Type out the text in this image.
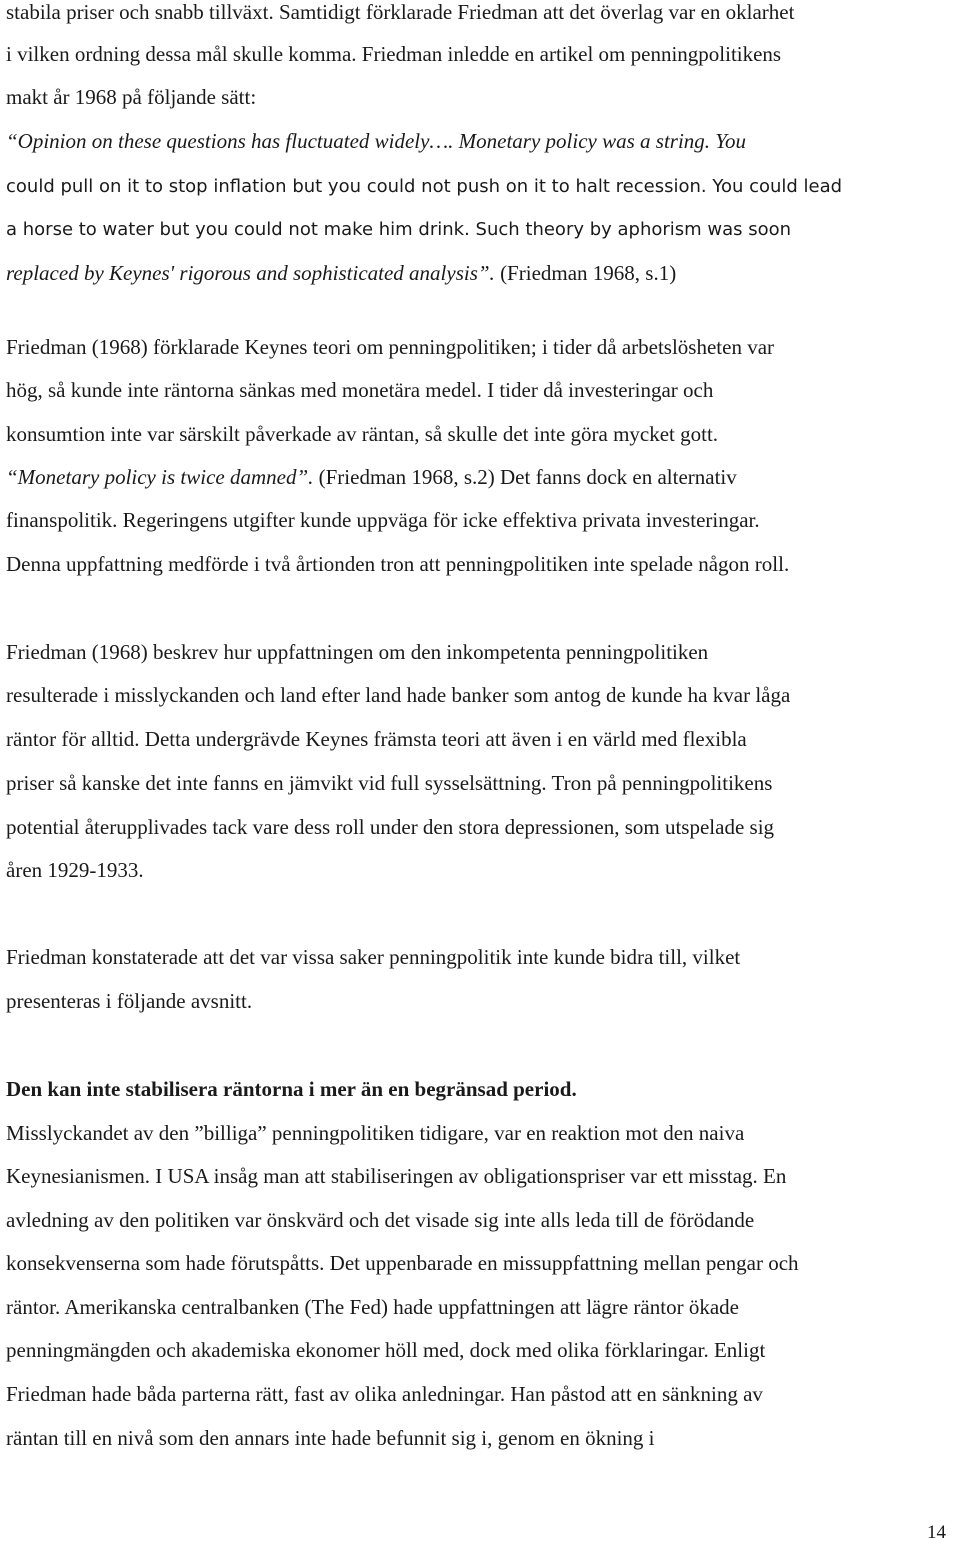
stabila priser och snabb tillväxt. Samtidigt förklarade Friedman att det överlag var en oklarhet
i vilken ordning dessa mål skulle komma. Friedman inledde en artikel om penningpolitikens
makt år 1968 på följande sätt:
“Opinion on these questions has fluctuated widely…. Monetary policy was a string. You
could pull on it to stop inflation but you could not push on it to halt recession. You could lead
a horse to water but you could not make him drink. Such theory by aphorism was soon
replaced by Keynes' rigorous and sophisticated analysis”. (Friedman 1968, s.1)
Friedman (1968) förklarade Keynes teori om penningpolitiken; i tider då arbetslösheten var
hög, så kunde inte räntorna sänkas med monetära medel. I tider då investeringar och
konsumtion inte var särskilt påverkade av räntan, så skulle det inte göra mycket gott.
“Monetary policy is twice damned”. (Friedman 1968, s.2) Det fanns dock en alternativ
finanspolitik. Regeringens utgifter kunde uppväga för icke effektiva privata investeringar.
Denna uppfattning medförde i två årtionden tron att penningpolitiken inte spelade någon roll.
Friedman (1968) beskrev hur uppfattningen om den inkompetenta penningpolitiken
resulterade i misslyckanden och land efter land hade banker som antog de kunde ha kvar låga
räntor för alltid. Detta undergrävde Keynes främsta teori att även i en värld med flexibla
priser så kanske det inte fanns en jämvikt vid full sysselsättning. Tron på penningpolitikens
potential återupplivades tack vare dess roll under den stora depressionen, som utspelade sig
åren 1929-1933.
Friedman konstaterade att det var vissa saker penningpolitik inte kunde bidra till, vilket
presenteras i följande avsnitt.
Den kan inte stabilisera räntorna i mer än en begränsad period.
Misslyckandet av den ”billiga” penningpolitiken tidigare, var en reaktion mot den naiva
Keynesianismen. I USA insåg man att stabiliseringen av obligationspriser var ett misstag. En
avledning av den politiken var önskvärd och det visade sig inte alls leda till de förödande
konsekvenserna som hade förutspåtts. Det uppenbarade en missuppfattning mellan pengar och
räntor. Amerikanska centralbanken (The Fed) hade uppfattningen att lägre räntor ökade
penningmängden och akademiska ekonomer höll med, dock med olika förklaringar. Enligt
Friedman hade båda parterna rätt, fast av olika anledningar. Han påstod att en sänkning av
räntan till en nivå som den annars inte hade befunnit sig i, genom en ökning i
14
